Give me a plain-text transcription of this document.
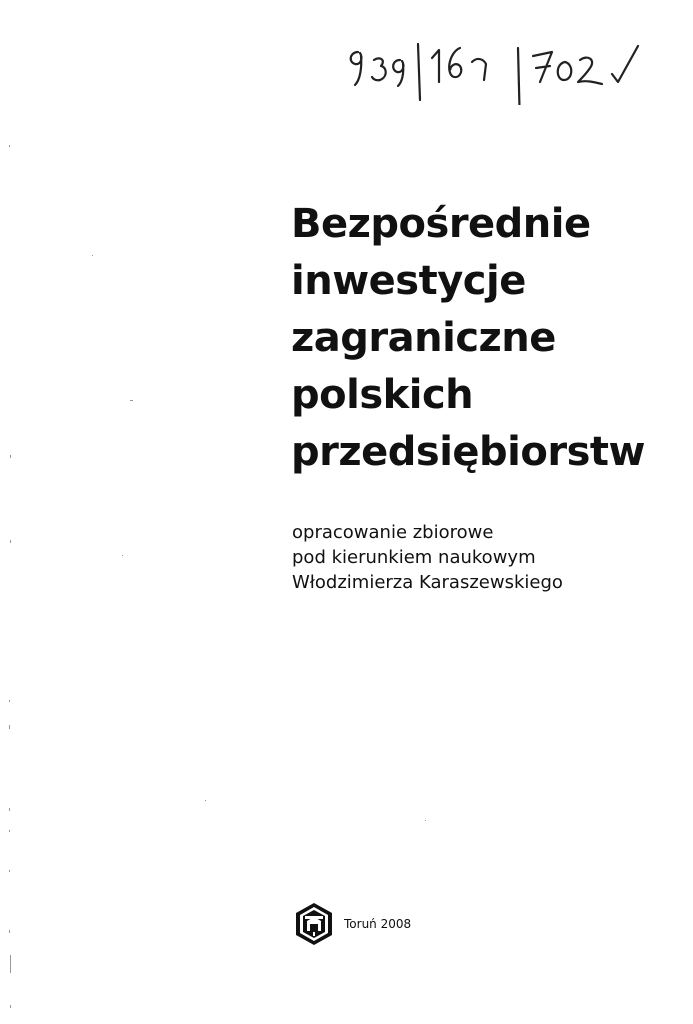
Bezpośrednie
inwestycje
zagraniczne
polskich
przedsiębiorstw
opracowanie zbiorowe
pod kierunkiem naukowym
Włodzimierza Karaszewskiego
Toruń 2008
